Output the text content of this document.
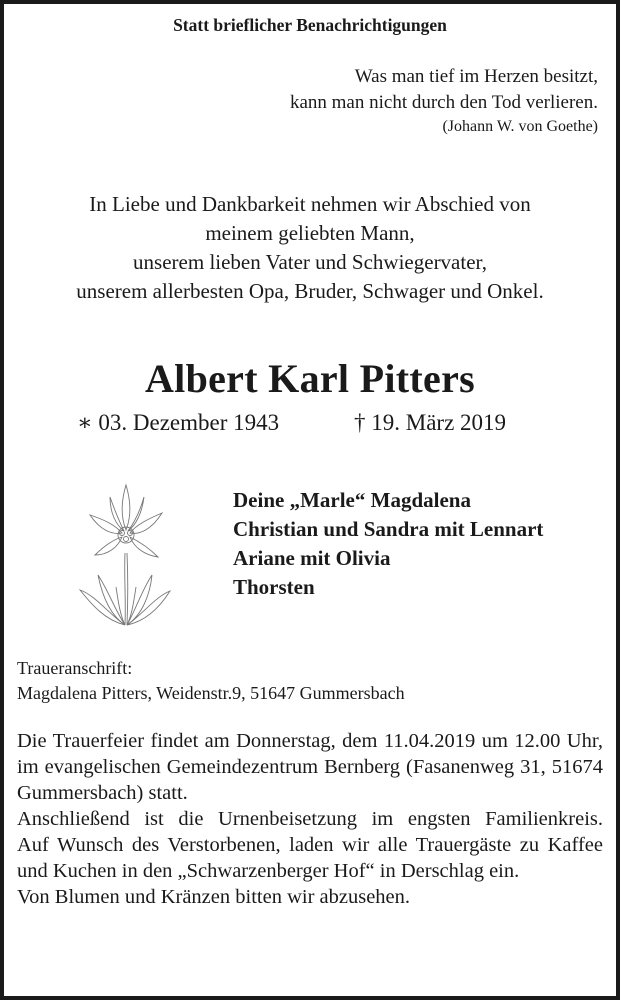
Statt brieflicher Benachrichtigungen
Was man tief im Herzen besitzt,
kann man nicht durch den Tod verlieren.
(Johann W. von Goethe)
In Liebe und Dankbarkeit nehmen wir Abschied von
meinem geliebten Mann,
unserem lieben Vater und Schwiegervater,
unserem allerbesten Opa, Bruder, Schwager und Onkel.
Albert Karl Pitters
∗ 03. Dezember 1943	† 19. März 2019
Deine „Marle“ Magdalena
Christian und Sandra mit Lennart
Ariane mit Olivia
Thorsten
Traueranschrift:
Magdalena Pitters, Weidenstr.9, 51647 Gummersbach

Die Trauerfeier findet am Donnerstag, dem 11.04.2019 um 12.00 Uhr, im evangelischen Gemeindezentrum Bernberg (Fasanenweg 31, 51674 Gummersbach) statt.

Anschließend ist die Urnenbeisetzung im engsten Familienkreis.

Auf Wunsch des Verstorbenen, laden wir alle Trauergäste zu Kaffee und Kuchen in den „Schwarzenberger Hof“ in Derschlag ein.

Von Blumen und Kränzen bitten wir abzusehen.
